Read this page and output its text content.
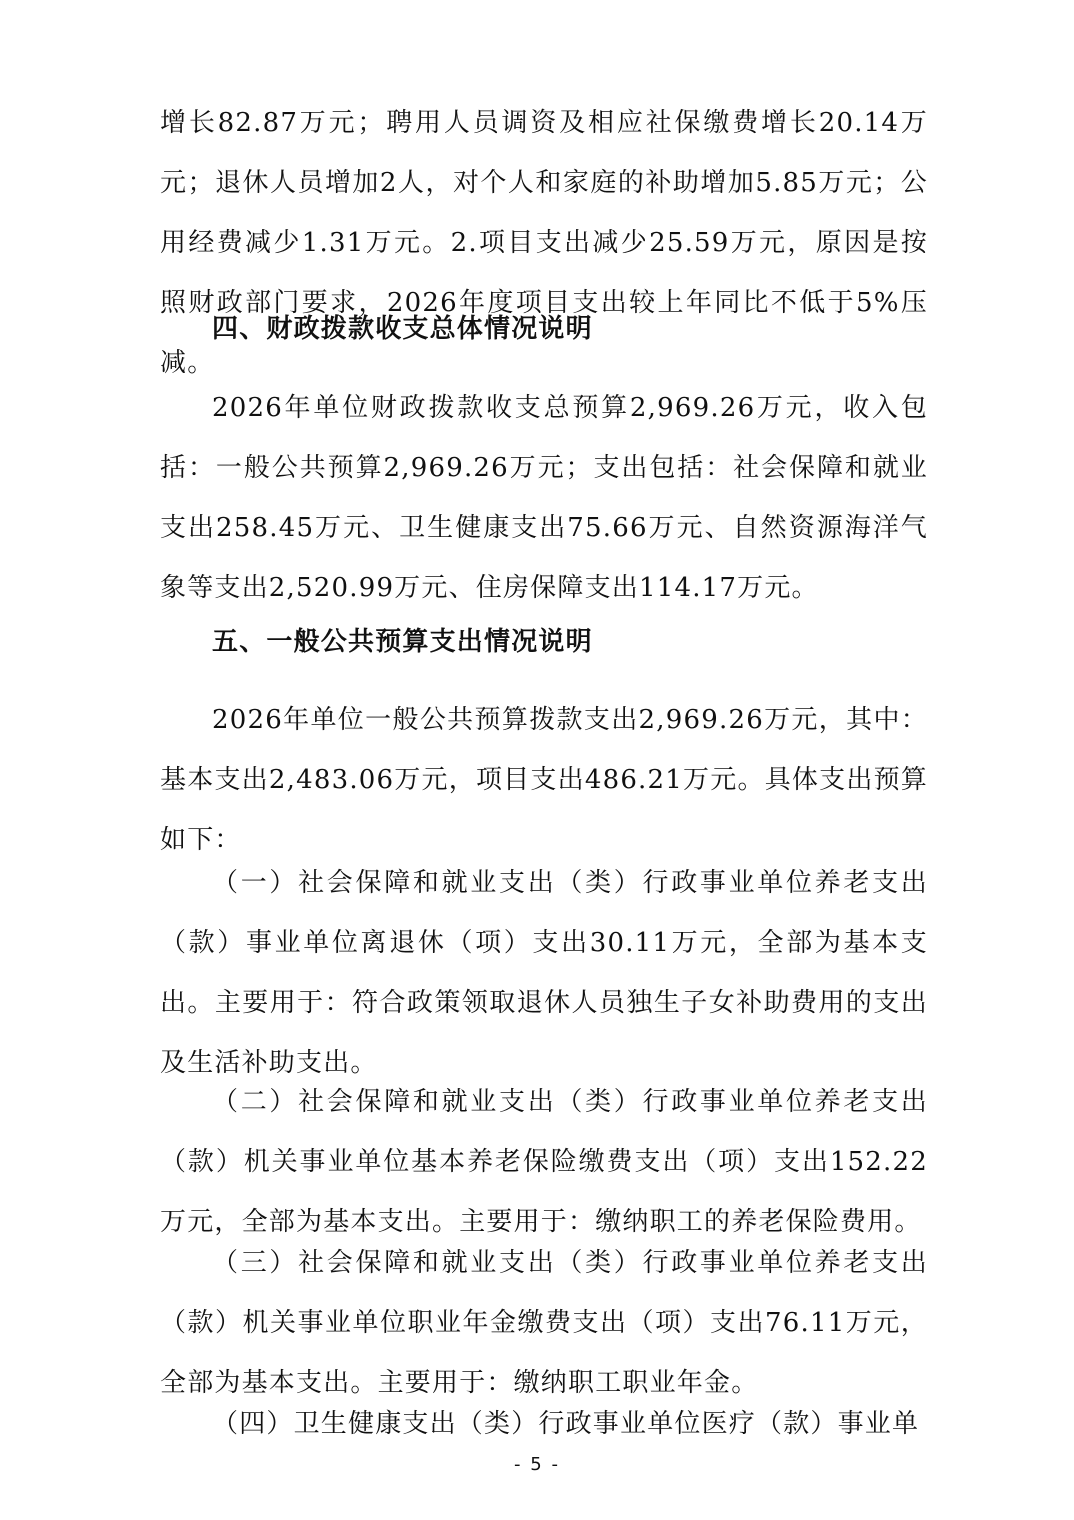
增长82.87万元；聘用人员调资及相应社保缴费增长20.14万元；退休人员增加2人，对个人和家庭的补助增加5.85万元；公用经费减少1.31万元。2.项目支出减少25.59万元，原因是按照财政部门要求，2026年度项目支出较上年同比不低于5%压减。

四、财政拨款收支总体情况说明

2026年单位财政拨款收支总预算2,969.26万元，收入包括：一般公共预算2,969.26万元；支出包括：社会保障和就业支出258.45万元、卫生健康支出75.66万元、自然资源海洋气象等支出2,520.99万元、住房保障支出114.17万元。

五、一般公共预算支出情况说明

2026年单位一般公共预算拨款支出2,969.26万元，其中：基本支出2,483.06万元，项目支出486.21万元。具体支出预算如下：

（一）社会保障和就业支出（类）行政事业单位养老支出（款）事业单位离退休（项）支出30.11万元，全部为基本支出。主要用于：符合政策领取退休人员独生子女补助费用的支出及生活补助支出。

（二）社会保障和就业支出（类）行政事业单位养老支出（款）机关事业单位基本养老保险缴费支出（项）支出152.22万元，全部为基本支出。主要用于：缴纳职工的养老保险费用。

（三）社会保障和就业支出（类）行政事业单位养老支出（款）机关事业单位职业年金缴费支出（项）支出76.11万元，全部为基本支出。主要用于：缴纳职工职业年金。

（四）卫生健康支出（类）行政事业单位医疗（款）事业单

- 5 -
